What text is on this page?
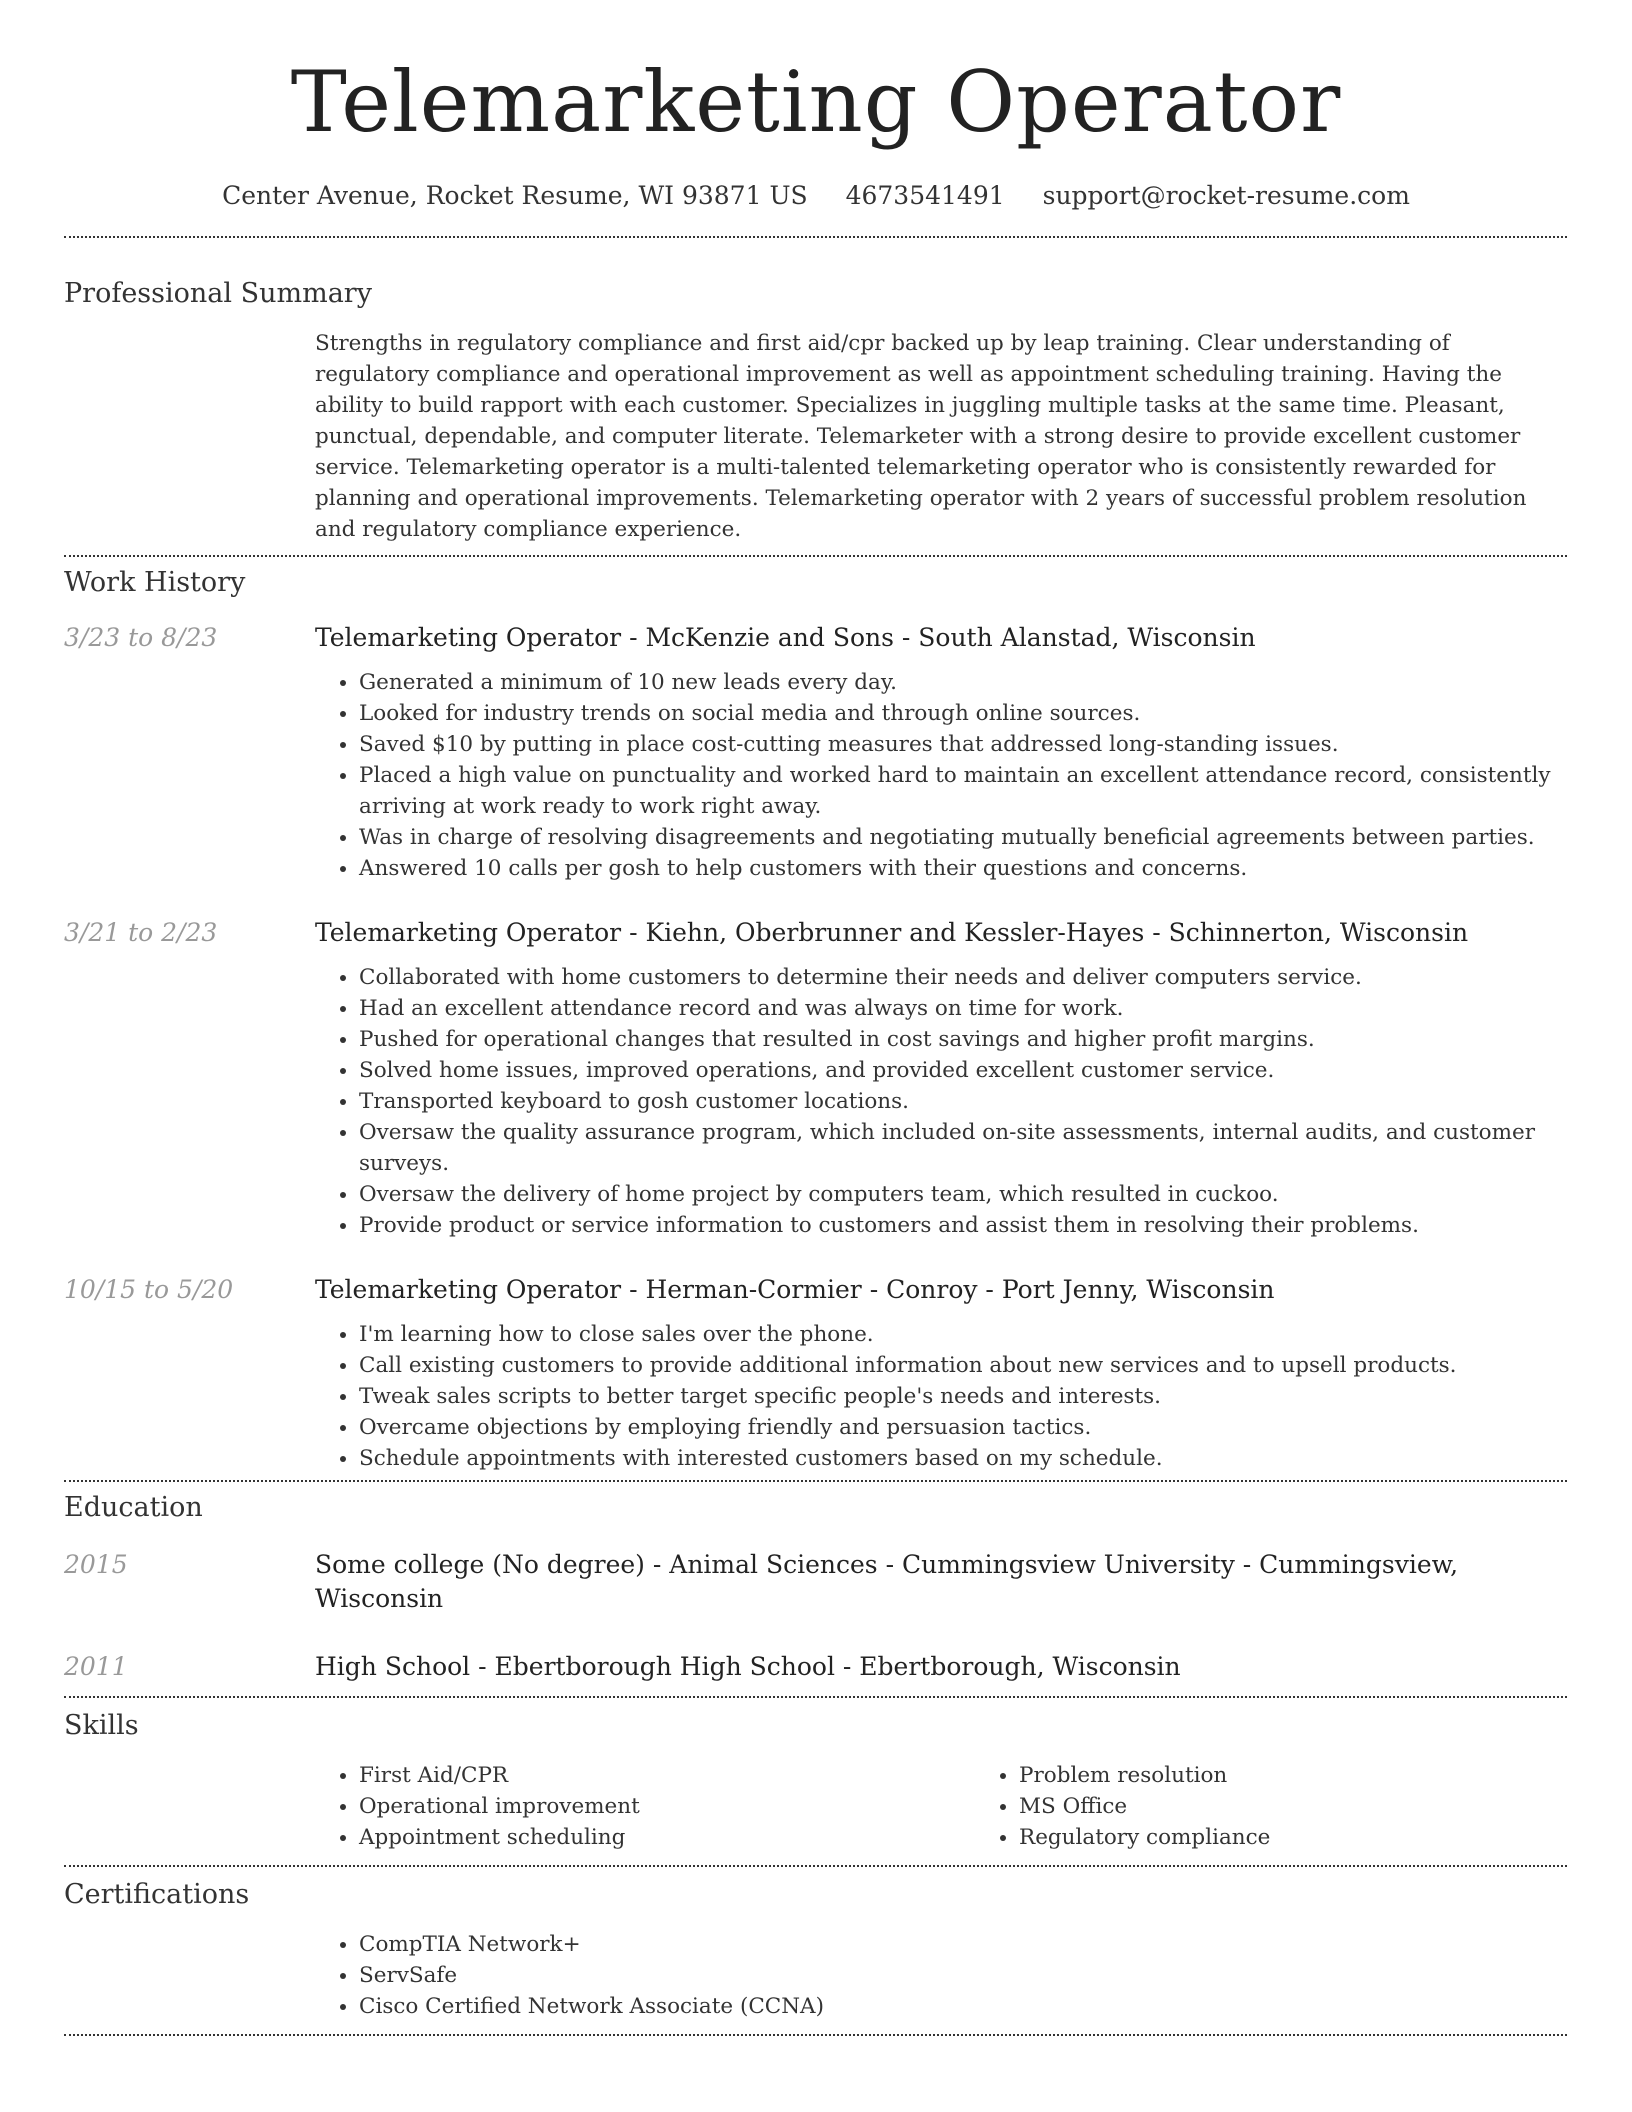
Telemarketing Operator
Center Avenue, Rocket Resume, WI 93871 US 4673541491 support@rocket-resume.com
Professional Summary

Strengths in regulatory compliance and first aid/cpr backed up by leap training. Clear understanding of regulatory compliance and operational improvement as well as appointment scheduling training. Having the ability to build rapport with each customer. Specializes in juggling multiple tasks at the same time. Pleasant, punctual, dependable, and computer literate. Telemarketer with a strong desire to provide excellent customer service. Telemarketing operator is a multi-talented telemarketing operator who is consistently rewarded for planning and operational improvements. Telemarketing operator with 2 years of successful problem resolution and regulatory compliance experience.

Work History
3/23 to 8/23	Telemarketing Operator - McKenzie and Sons - South Alanstad, Wisconsin

• Generated a minimum of 10 new leads every day.
• Looked for industry trends on social media and through online sources.
• Saved $10 by putting in place cost-cutting measures that addressed long-standing issues.
• Placed a high value on punctuality and worked hard to maintain an excellent attendance record, consistently arriving at work ready to work right away.
• Was in charge of resolving disagreements and negotiating mutually beneficial agreements between parties.
• Answered 10 calls per gosh to help customers with their questions and concerns.
3/21 to 2/23	Telemarketing Operator - Kiehn, Oberbrunner and Kessler-Hayes - Schinnerton, Wisconsin

• Collaborated with home customers to determine their needs and deliver computers service.
• Had an excellent attendance record and was always on time for work.
• Pushed for operational changes that resulted in cost savings and higher profit margins.
• Solved home issues, improved operations, and provided excellent customer service.
• Transported keyboard to gosh customer locations.
• Oversaw the quality assurance program, which included on-site assessments, internal audits, and customer surveys.
• Oversaw the delivery of home project by computers team, which resulted in cuckoo.
• Provide product or service information to customers and assist them in resolving their problems.
10/15 to 5/20	Telemarketing Operator - Herman-Cormier - Conroy - Port Jenny, Wisconsin

• I'm learning how to close sales over the phone.
• Call existing customers to provide additional information about new services and to upsell products.
• Tweak sales scripts to better target specific people's needs and interests.
• Overcame objections by employing friendly and persuasion tactics.
• Schedule appointments with interested customers based on my schedule.
Education
2015	Some college (No degree) - Animal Sciences - Cummingsview University - Cummingsview, Wisconsin

2011	High School - Ebertborough High School - Ebertborough, Wisconsin

Skills
• First Aid/CPR
• Operational improvement
• Appointment scheduling
• Problem resolution
• MS Office
• Regulatory compliance
Certifications
• CompTIA Network+
• ServSafe
• Cisco Certified Network Associate (CCNA)
